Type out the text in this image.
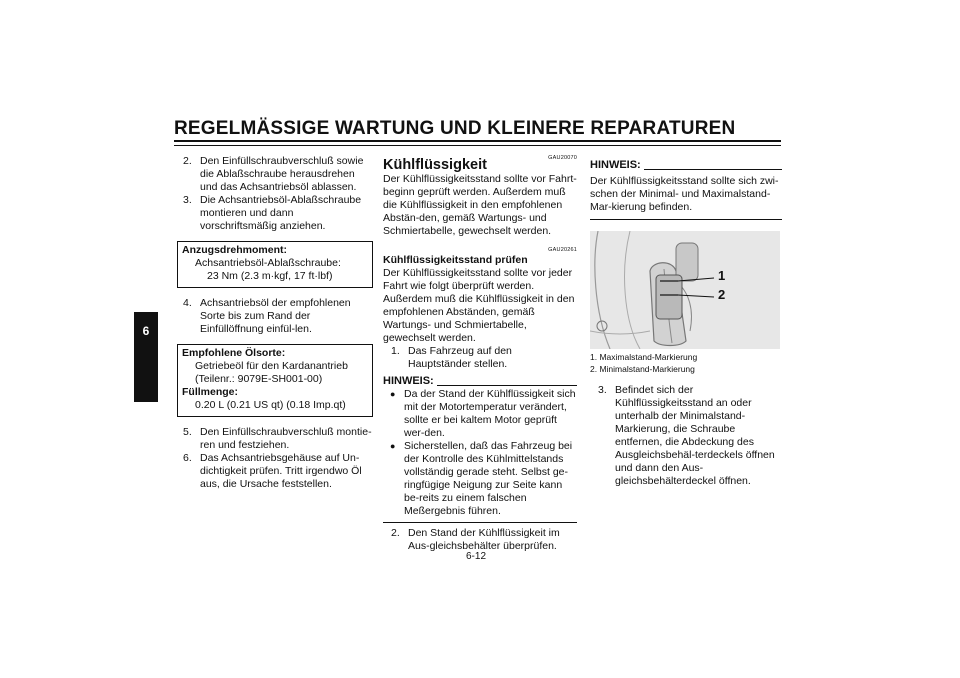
REGELMÄSSIGE WARTUNG UND KLEINERE REPARATUREN
6
2. Den Einfüllschraubverschluß sowie die Ablaßschraube herausdrehen und das Achsantriebsöl ablassen.
3. Die Achsantriebsöl-Ablaßschraube montieren und dann vorschriftsmäßig anziehen.
Anzugsdrehmoment:
Achsantriebsöl-Ablaßschraube:
23 Nm (2.3 m·kgf, 17 ft·lbf)
4. Achsantriebsöl der empfohlenen Sorte bis zum Rand der Einfüllöffnung einfül-len.
Empfohlene Ölsorte:
Getriebeöl für den Kardanantrieb
(Teilenr.: 9079E-SH001-00)
Füllmenge:
0.20 L (0.21 US qt) (0.18 Imp.qt)
5. Den Einfüllschraubverschluß montie-ren und festziehen.
6. Das Achsantriebsgehäuse auf Un-dichtigkeit prüfen. Tritt irgendwo Öl aus, die Ursache feststellen.
GAU20070
Kühlflüssigkeit

Der Kühlflüssigkeitsstand sollte vor Fahrt-beginn geprüft werden. Außerdem muß die Kühlflüssigkeit in den empfohlenen Abstän-den, gemäß Wartungs- und Schmiertabelle, gewechselt werden.

GAU20261
Kühlflüssigkeitsstand prüfen

Der Kühlflüssigkeitsstand sollte vor jeder Fahrt wie folgt überprüft werden. Außerdem muß die Kühlflüssigkeit in den empfohlenen Abständen, gemäß Wartungs- und Schmiertabelle, gewechselt werden.

1. Das Fahrzeug auf den Hauptständer stellen.
HINWEIS:
● Da der Stand der Kühlflüssigkeit sich mit der Motortemperatur verändert, sollte er bei kaltem Motor geprüft wer-den.
● Sicherstellen, daß das Fahrzeug bei der Kontrolle des Kühlmittelstands vollständig gerade steht. Selbst ge-ringfügige Neigung zur Seite kann be-reits zu einem falschen Meßergebnis führen.
2. Den Stand der Kühlflüssigkeit im Aus-gleichsbehälter überprüfen.
HINWEIS:

Der Kühlflüssigkeitsstand sollte sich zwi-schen der Minimal- und Maximalstand-Mar-kierung befinden.

1
2
1. Maximalstand-Markierung
2. Minimalstand-Markierung
3. Befindet sich der Kühlflüssigkeitsstand an oder unterhalb der Minimalstand-Markierung, die Schraube entfernen, die Abdeckung des Ausgleichsbehäl-terdeckels öffnen und dann den Aus-gleichsbehälterdeckel öffnen.
6-12
